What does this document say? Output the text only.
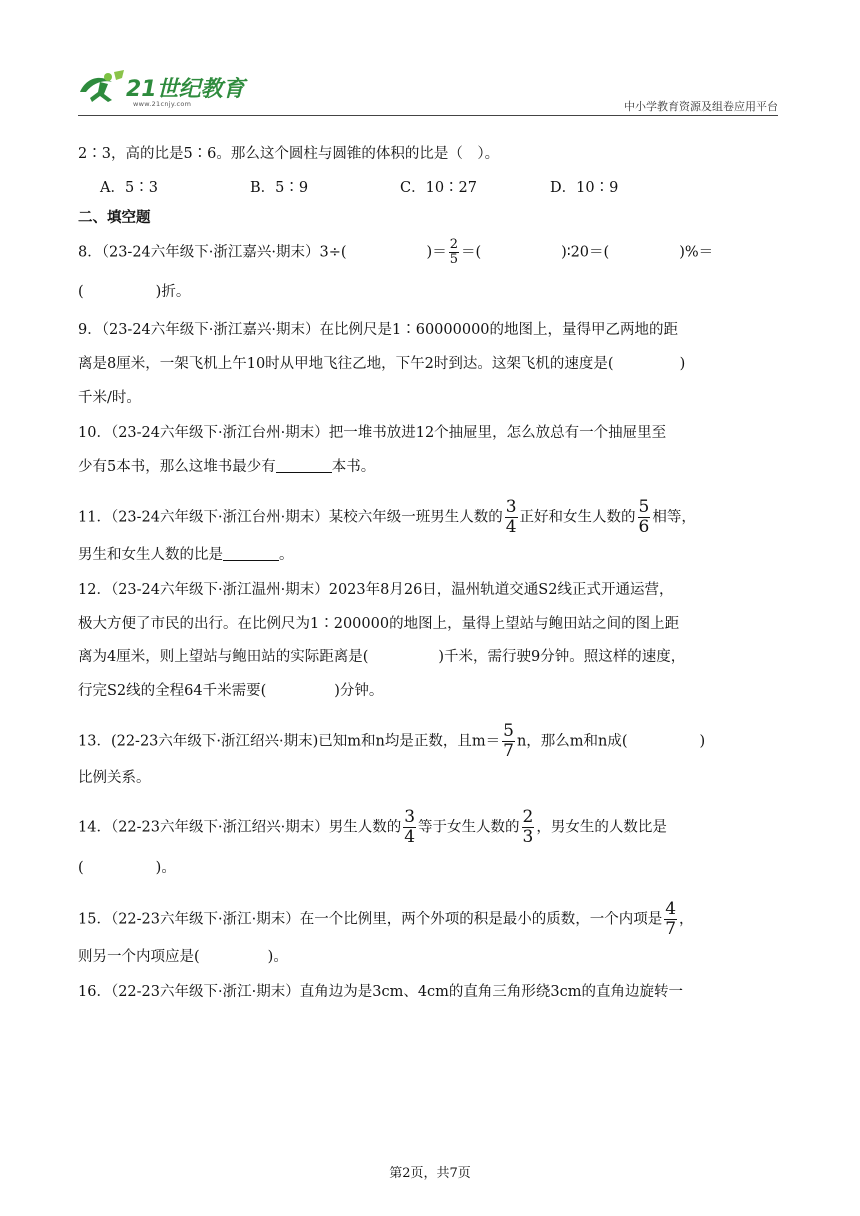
21世纪教育
www.21cnjy.com	中小学教育资源及组卷应用平台
2∶3，高的比是5∶6。那么这个圆柱与圆锥的体积的比是（　）。
A．5∶3	B．5∶9	C．10∶27	D．10∶9
二、填空题
8．（23-24六年级下·浙江嘉兴·期末）3÷(	)＝ $\frac{2}{5}$ ＝(	)∶20＝(	)%＝
(	)折。
9．（23-24六年级下·浙江嘉兴·期末）在比例尺是1∶60000000的地图上，量得甲乙两地的距
离是8厘米，一架飞机上午10时从甲地飞往乙地，下午2时到达。这架飞机的速度是(	)
千米/时。
10．（23-24六年级下·浙江台州·期末）把一堆书放进12个抽屉里，怎么放总有一个抽屉里至
少有5本书，那么这堆书最少有	本书。
11．（23-24六年级下·浙江台州·期末）某校六年级一班男生人数的 $\frac{3}{4}$ 正好和女生人数的 $\frac{5}{6}$ 相等，
男生和女生人数的比是	。
12．（23-24六年级下·浙江温州·期末）2023年8月26日，温州轨道交通S2线正式开通运营，
极大方便了市民的出行。在比例尺为1∶200000的地图上，量得上望站与鲍田站之间的图上距
离为4厘米，则上望站与鲍田站的实际距离是(	)千米，需行驶9分钟。照这样的速度，
行完S2线的全程64千米需要(	)分钟。
13．(22-23六年级下·浙江绍兴·期末)已知m和n均是正数，且$m= \frac{5}{7}$ n，那么m和n成(	)
比例关系。
14．（22-23六年级下·浙江绍兴·期末）男生人数的 $\frac{3}{4}$ 等于女生人数的 $\frac{2}{3}$ ，男女生的人数比是
(	)。
15．（22-23六年级下·浙江·期末）在一个比例里，两个外项的积是最小的质数，一个内项是 $\frac{4}{7}$ ，
则另一个内项应是(	)。
16．（22-23六年级下·浙江·期末）直角边为是3cm、4cm的直角三角形绕3cm的直角边旋转一
第2页，共7页
